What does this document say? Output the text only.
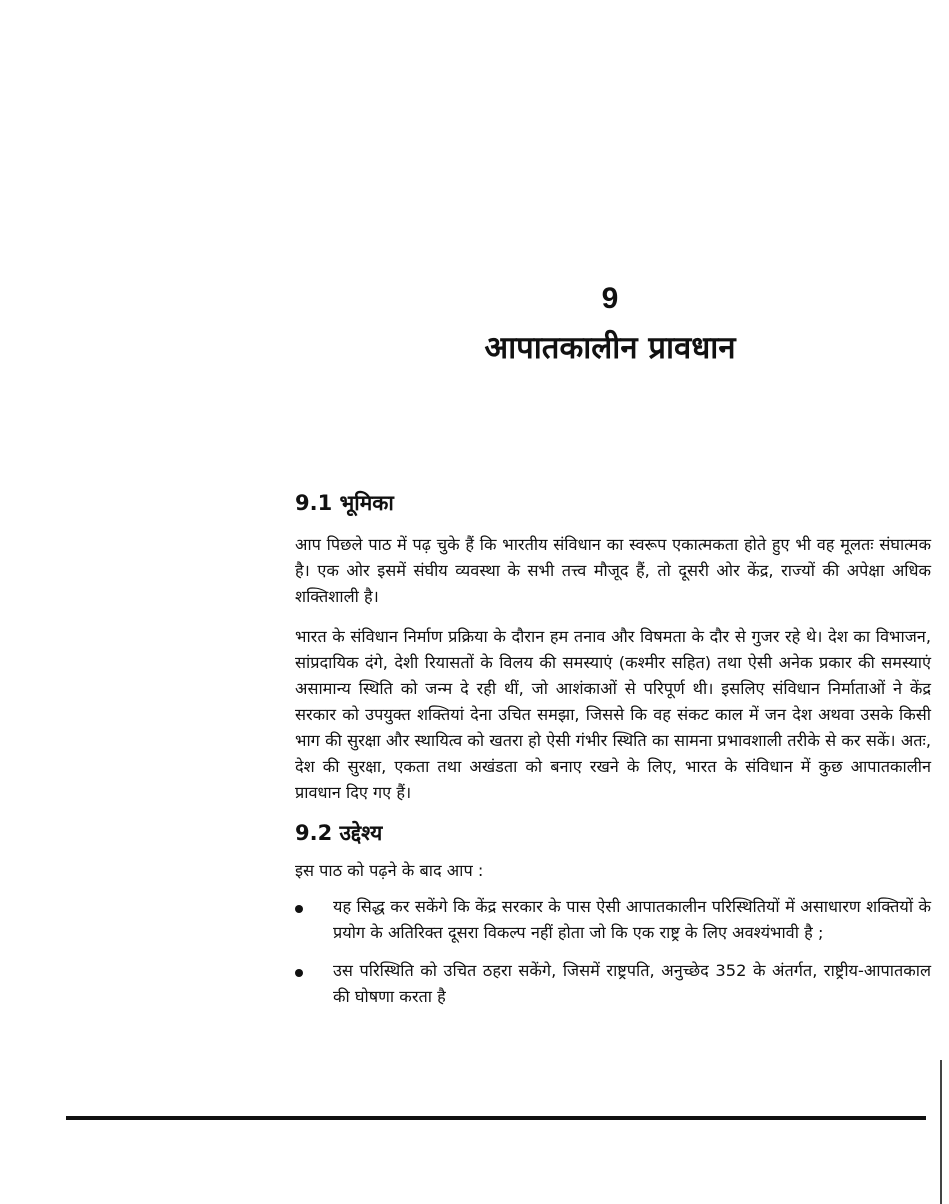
9
आपातकालीन प्रावधान
9.1 भूमिका

आप पिछले पाठ में पढ़ चुके हैं कि भारतीय संविधान का स्वरूप एकात्मकता होते हुए भी वह मूलतः संघात्मक है। एक ओर इसमें संघीय व्यवस्था के सभी तत्त्व मौजूद हैं, तो दूसरी ओर केंद्र, राज्यों की अपेक्षा अधिक शक्तिशाली है।

भारत के संविधान निर्माण प्रक्रिया के दौरान हम तनाव और विषमता के दौर से गुजर रहे थे। देश का विभाजन, सांप्रदायिक दंगे, देशी रियासतों के विलय की समस्याएं (कश्मीर सहित) तथा ऐसी अनेक प्रकार की समस्याएं असामान्य स्थिति को जन्म दे रही थीं, जो आशंकाओं से परिपूर्ण थी। इसलिए संविधान निर्माताओं ने केंद्र सरकार को उपयुक्त शक्तियां देना उचित समझा, जिससे कि वह संकट काल में जन देश अथवा उसके किसी भाग की सुरक्षा और स्थायित्व को खतरा हो ऐसी गंभीर स्थिति का सामना प्रभावशाली तरीके से कर सकें। अतः, देश की सुरक्षा, एकता तथा अखंडता को बनाए रखने के लिए, भारत के संविधान में कुछ आपातकालीन प्रावधान दिए गए हैं।

9.2 उद्देश्य

इस पाठ को पढ़ने के बाद आप :

यह सिद्ध कर सकेंगे कि केंद्र सरकार के पास ऐसी आपातकालीन परिस्थितियों में असाधारण शक्तियों के प्रयोग के अतिरिक्त दूसरा विकल्प नहीं होता जो कि एक राष्ट्र के लिए अवश्यंभावी है ;
उस परिस्थिति को उचित ठहरा सकेंगे, जिसमें राष्ट्रपति, अनुच्छेद 352 के अंतर्गत, राष्ट्रीय-आपातकाल की घोषणा करता है
